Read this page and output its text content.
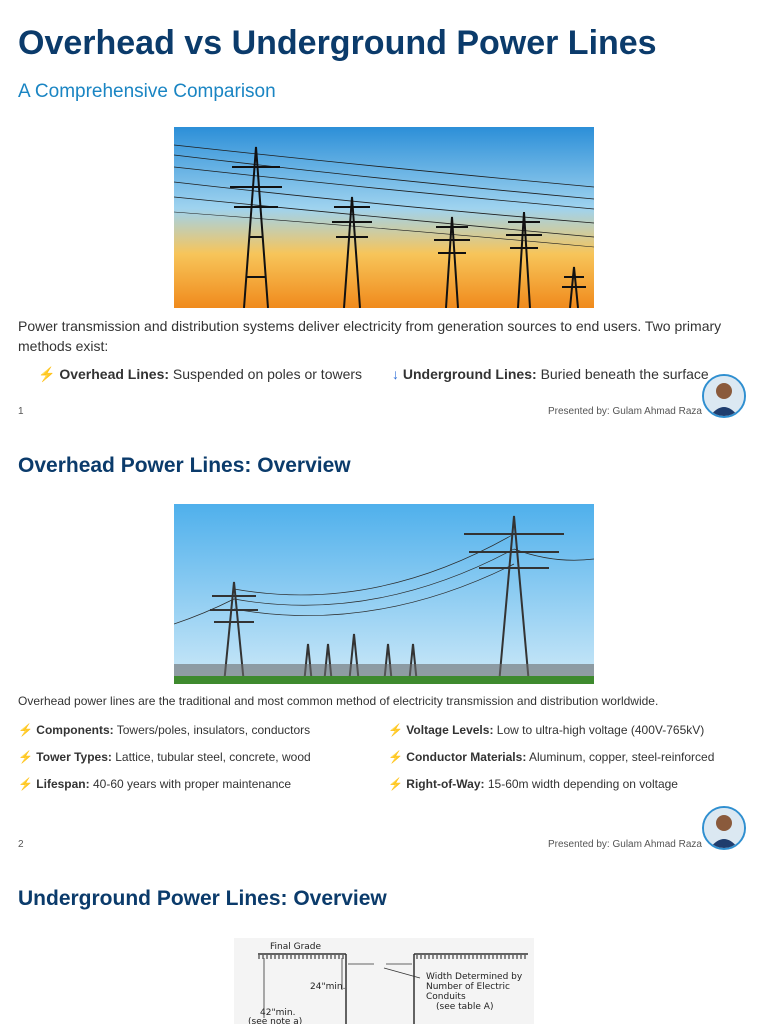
Overhead vs Underground Power Lines
A Comprehensive Comparison
Power transmission and distribution systems deliver electricity from generation sources to end users. Two primary methods exist:
⚡ Overhead Lines: Suspended on poles or towers ↓ Underground Lines: Buried beneath the surface
1	Presented by: Gulam Ahmad Raza
Overhead Power Lines: Overview
Overhead power lines are the traditional and most common method of electricity transmission and distribution worldwide.
⚡ Components: Towers/poles, insulators, conductors	⚡ Voltage Levels: Low to ultra-high voltage (400V-765kV)
⚡ Tower Types: Lattice, tubular steel, concrete, wood	⚡ Conductor Materials: Aluminum, copper, steel-reinforced
⚡ Lifespan: 40-60 years with proper maintenance	⚡ Right-of-Way: 15-60m width depending on voltage
2	Presented by: Gulam Ahmad Raza
Underground Power Lines: Overview
Final Grade
24"min.
42"min.
(see note a)
Width Determined by
Number of Electric
Conduits
(see table A)
